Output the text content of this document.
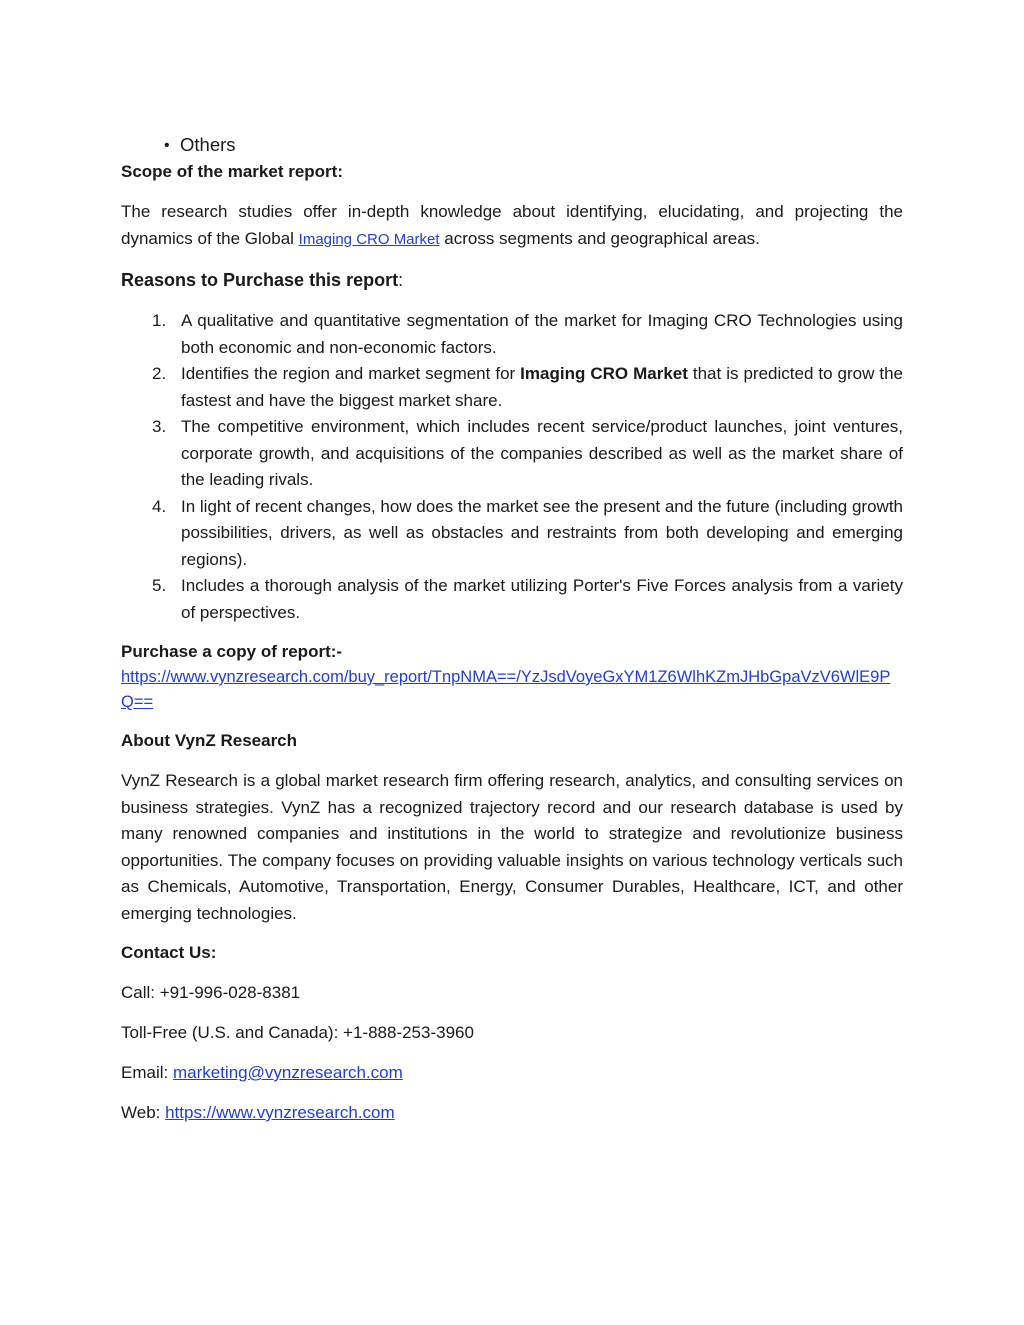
• Others

Scope of the market report:

The research studies offer in-depth knowledge about identifying, elucidating, and projecting the dynamics of the Global Imaging CRO Market across segments and geographical areas.

Reasons to Purchase this report:

1. A qualitative and quantitative segmentation of the market for Imaging CRO Technologies using both economic and non-economic factors.
2. Identifies the region and market segment for Imaging CRO Market that is predicted to grow the fastest and have the biggest market share.
3. The competitive environment, which includes recent service/product launches, joint ventures, corporate growth, and acquisitions of the companies described as well as the market share of the leading rivals.
4. In light of recent changes, how does the market see the present and the future (including growth possibilities, drivers, as well as obstacles and restraints from both developing and emerging regions).
5. Includes a thorough analysis of the market utilizing Porter's Five Forces analysis from a variety of perspectives.

Purchase a copy of report:-

https://www.vynzresearch.com/buy_report/TnpNMA==/YzJsdVoyeGxYM1Z6WlhKZmJHbGpaVzV6WlE9PQ==

About VynZ Research

VynZ Research is a global market research firm offering research, analytics, and consulting services on business strategies. VynZ has a recognized trajectory record and our research database is used by many renowned companies and institutions in the world to strategize and revolutionize business opportunities. The company focuses on providing valuable insights on various technology verticals such as Chemicals, Automotive, Transportation, Energy, Consumer Durables, Healthcare, ICT, and other emerging technologies.

Contact Us:

Call: +91-996-028-8381

Toll-Free (U.S. and Canada): +1-888-253-3960

Email: marketing@vynzresearch.com

Web: https://www.vynzresearch.com
